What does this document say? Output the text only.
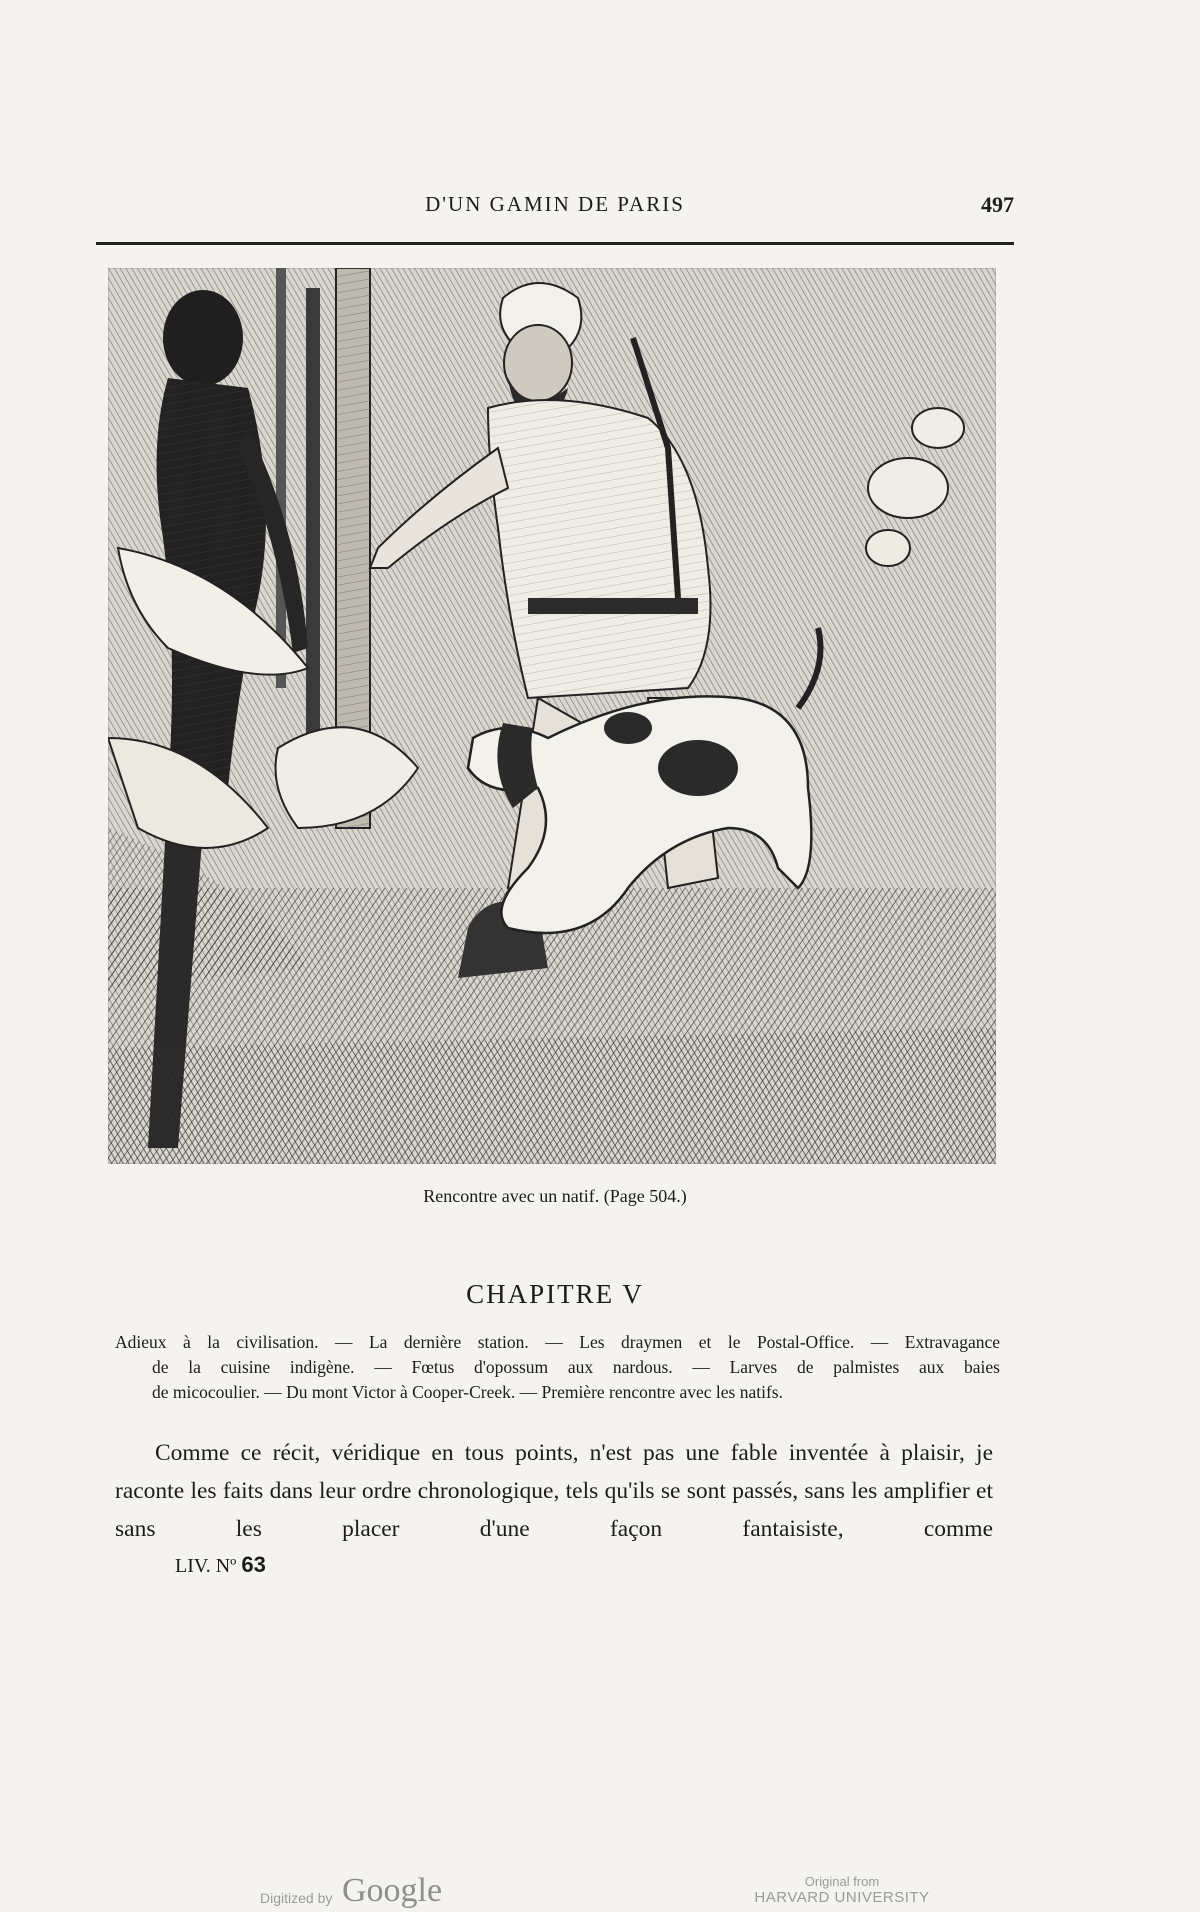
D'UN GAMIN DE PARIS	497
Rencontre avec un natif. (Page 504.)
CHAPITRE V

Adieux à la civilisation. — La dernière station. — Les draymen et le Postal-Office. — Extravagance

de la cuisine indigène. — Fœtus d'opossum aux nardous. — Larves de palmistes aux baies

de micocoulier. — Du mont Victor à Cooper-Creek. — Première rencontre avec les natifs.

Comme ce récit, véridique en tous points, n'est pas une fable inventée à plaisir, je raconte les faits dans leur ordre chronologique, tels qu'ils se sont passés, sans les amplifier et sans les placer d'une façon fantaisiste, comme

LIV. Nº 63
Digitized by Google	Original from
HARVARD UNIVERSITY
